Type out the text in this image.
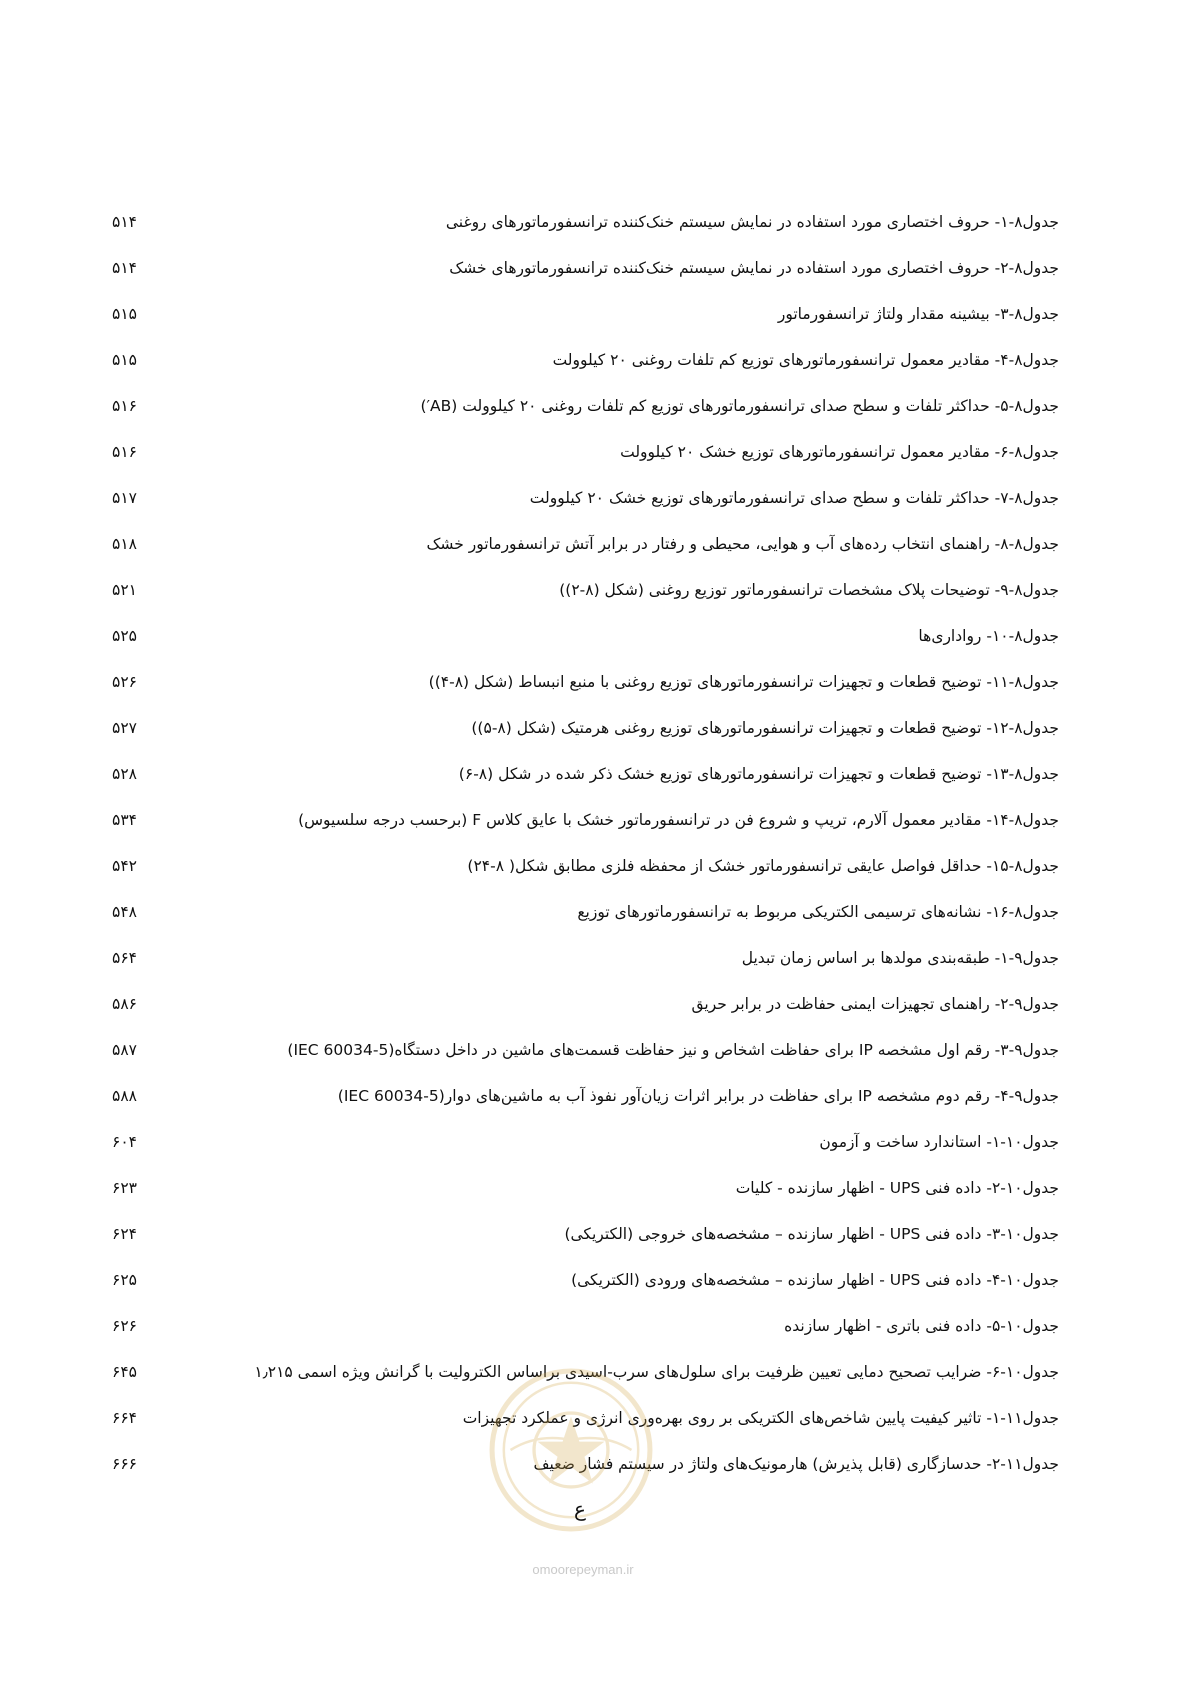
جدول۸-۱- حروف اختصاری مورد استفاده در نمایش سیستم خنک‌کننده ترانسفورماتورهای روغنی
۵۱۴
جدول۸-۲- حروف اختصاری مورد استفاده در نمایش سیستم خنک‌کننده ترانسفورماتورهای خشک
۵۱۴
جدول۸-۳- بیشینه مقدار ولتاژ ترانسفورماتور
۵۱۵
جدول۸-۴- مقادیر معمول ترانسفورماتورهای توزیع کم تلفات روغنی ۲۰ کیلوولت
۵۱۵
جدول۸-۵- حداکثر تلفات و سطح صدای ترانسفورماتورهای توزیع کم تلفات روغنی ۲۰ کیلوولت (AB′)
۵۱۶
جدول۸-۶- مقادیر معمول ترانسفورماتورهای توزیع خشک ۲۰ کیلوولت
۵۱۶
جدول۸-۷- حداکثر تلفات و سطح صدای ترانسفورماتورهای توزیع خشک ۲۰ کیلوولت
۵۱۷
جدول۸-۸- راهنمای انتخاب رده‌های آب و هوایی، محیطی و رفتار در برابر آتش ترانسفورماتور خشک
۵۱۸
جدول۸-۹- توضیحات پلاک مشخصات ترانسفورماتور توزیع روغنی (شکل (۸-۲))
۵۲۱
جدول۸-۱۰- رواداری‌ها
۵۲۵
جدول۸-۱۱- توضیح قطعات و تجهیزات ترانسفورماتورهای توزیع روغنی با منبع انبساط (شکل (۸-۴))
۵۲۶
جدول۸-۱۲- توضیح قطعات و تجهیزات ترانسفورماتورهای توزیع روغنی هرمتیک (شکل (۸-۵))
۵۲۷
جدول۸-۱۳- توضیح قطعات و تجهیزات ترانسفورماتورهای توزیع خشک ذکر شده در شکل (۸-۶)
۵۲۸
جدول۸-۱۴- مقادیر معمول آلارم، تریپ و شروع فن در ترانسفورماتور خشک با عایق کلاس F (برحسب درجه سلسیوس)
۵۳۴
جدول۸-۱۵- حداقل فواصل عایقی ترانسفورماتور خشک از محفظه فلزی مطابق شکل( ۸-۲۴)
۵۴۲
جدول۸-۱۶- نشانه‌های ترسیمی الکتریکی مربوط به ترانسفورماتورهای توزیع
۵۴۸
جدول۹-۱- طبقه‌بندی مولدها بر اساس زمان تبدیل
۵۶۴
جدول۹-۲- راهنمای تجهیزات ایمنی حفاظت در برابر حریق
۵۸۶
جدول۹-۳- رقم اول مشخصه IP برای حفاظت اشخاص و نیز حفاظت قسمت‌های ماشین در داخل دستگاه(IEC 60034-5)
۵۸۷
جدول۹-۴- رقم دوم مشخصه IP برای حفاظت در برابر اثرات زیان‌آور نفوذ آب به ماشین‌های دوار(IEC 60034-5)
۵۸۸
جدول۱۰-۱- استاندارد ساخت و آزمون
۶۰۴
جدول۱۰-۲- داده فنی UPS - اظهار سازنده - کلیات
۶۲۳
جدول۱۰-۳- داده فنی UPS - اظهار سازنده – مشخصه‌های خروجی (الکتریکی)
۶۲۴
جدول۱۰-۴- داده فنی UPS - اظهار سازنده – مشخصه‌های ورودی (الکتریکی)
۶۲۵
جدول۱۰-۵- داده فنی باتری - اظهار سازنده
۶۲۶
جدول۱۰-۶- ضرایب تصحیح دمایی تعیین ظرفیت برای سلول‌های سرب-اسیدی براساس الکترولیت با گرانش ویژه اسمی ۱٫۲۱۵
۶۴۵
جدول۱۱-۱- تاثیر کیفیت پایین شاخص‌های الکتریکی بر روی بهره‌وری انرژی و عملکرد تجهیزات
۶۶۴
جدول۱۱-۲- حدسازگاری (قابل پذیرش) هارمونیک‌های ولتاژ در سیستم فشار ضعیف
۶۶۶
ع
omoorepeyman.ir
